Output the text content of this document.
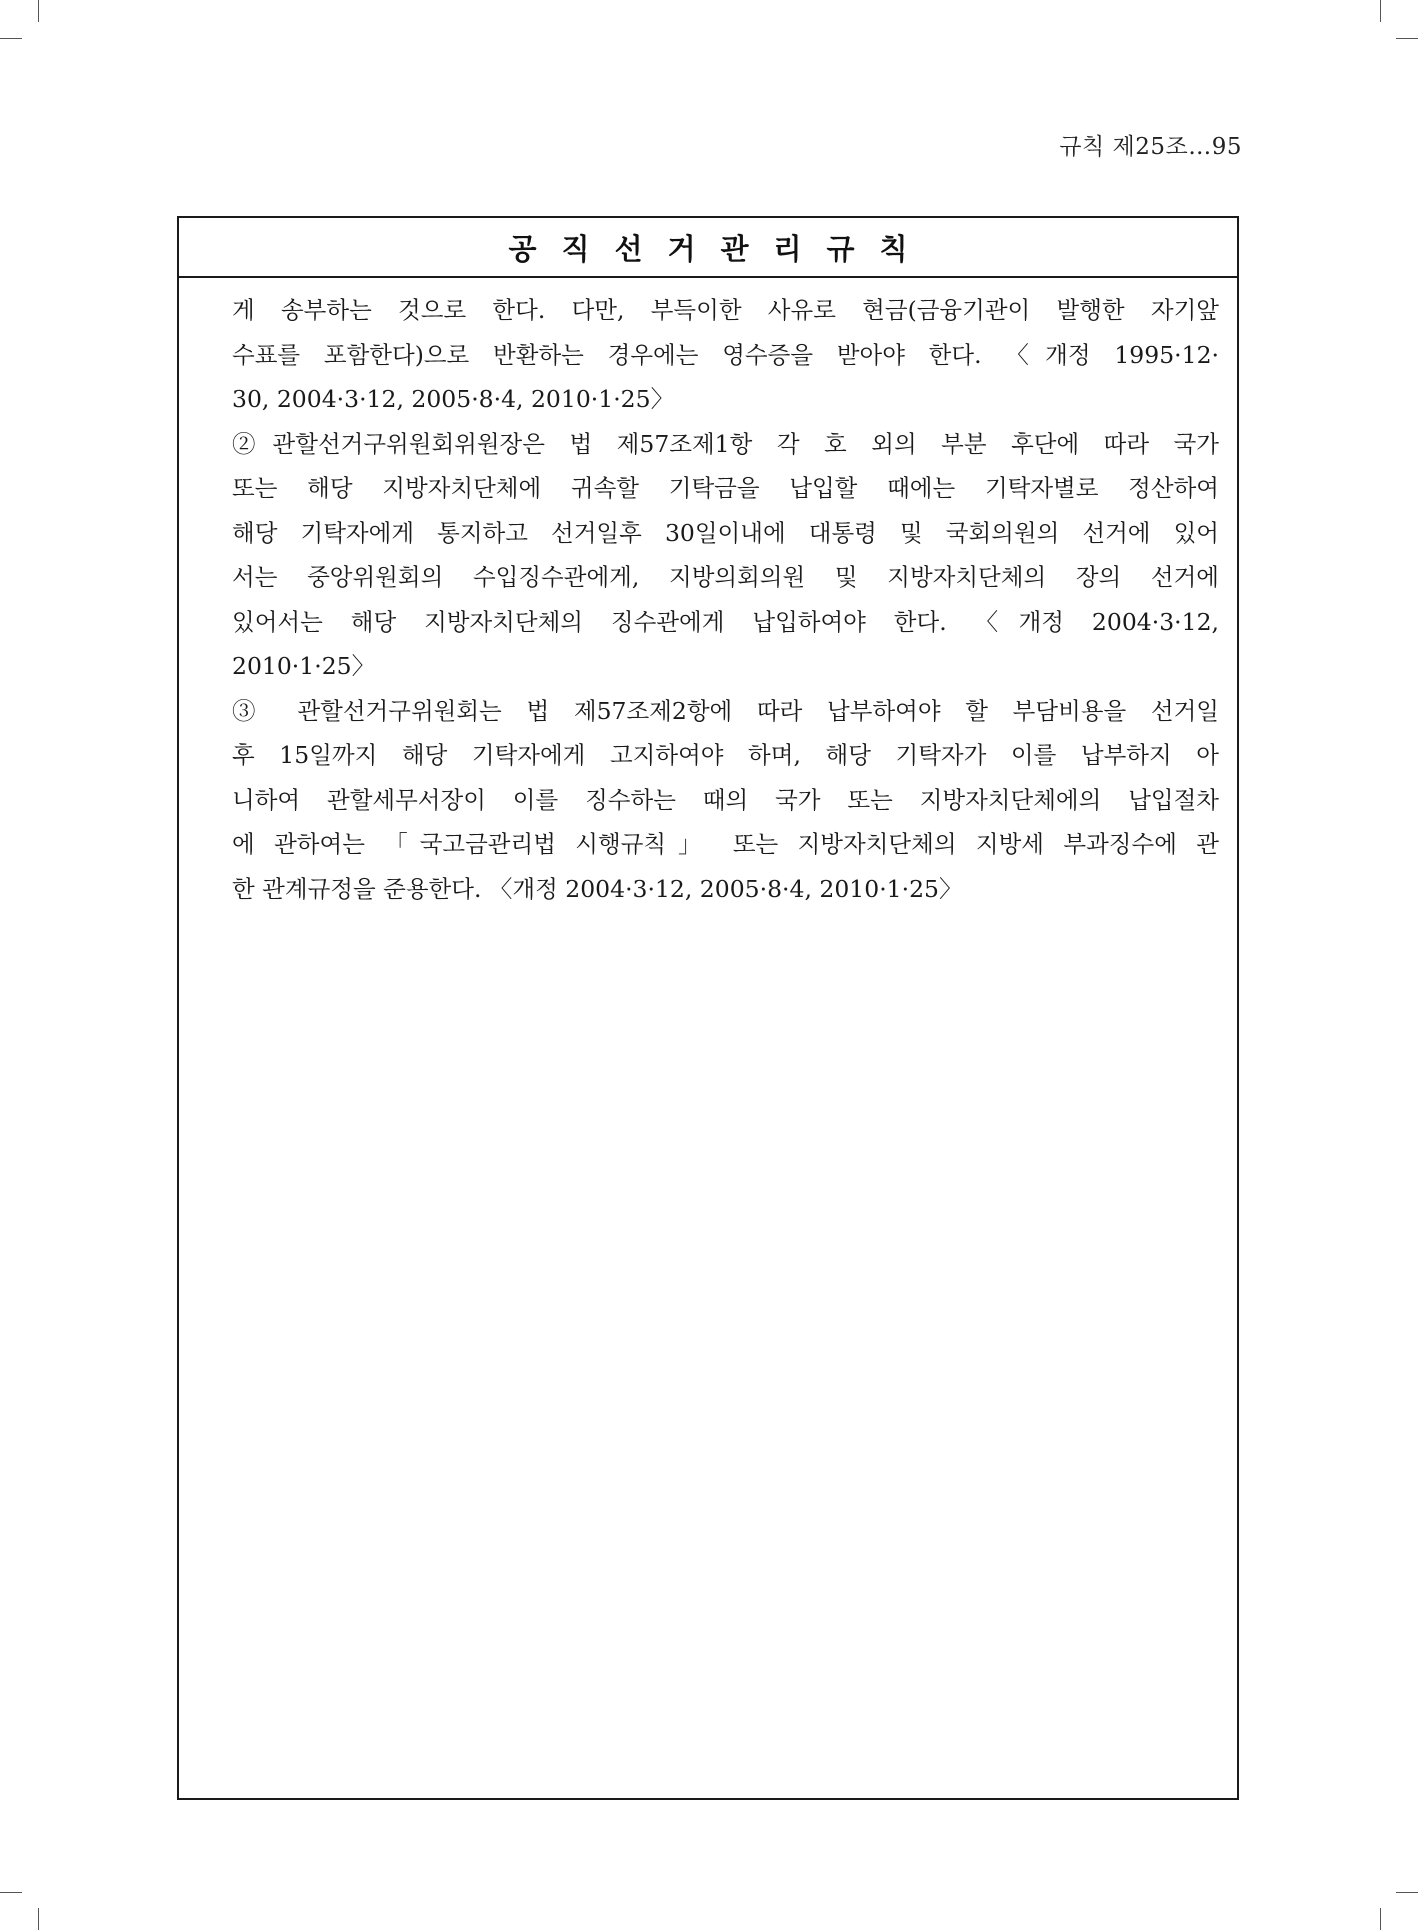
규칙 제25조…95
공직선거관리규칙
게 송부하는 것으로 한다. 다만, 부득이한 사유로 현금(금융기관이 발행한 자기앞
수표를 포함한다)으로 반환하는 경우에는 영수증을 받아야 한다. 〈개정 1995·12·
30, 2004·3·12, 2005·8·4, 2010·1·25〉
②관할선거구위원회위원장은 법 제57조제1항 각 호 외의 부분 후단에 따라 국가
또는 해당 지방자치단체에 귀속할 기탁금을 납입할 때에는 기탁자별로 정산하여
해당 기탁자에게 통지하고 선거일후 30일이내에 대통령 및 국회의원의 선거에 있어
서는 중앙위원회의 수입징수관에게, 지방의회의원 및 지방자치단체의 장의 선거에
있어서는 해당 지방자치단체의 징수관에게 납입하여야 한다. 〈개정 2004·3·12,
2010·1·25〉
③ 관할선거구위원회는 법 제57조제2항에 따라 납부하여야 할 부담비용을 선거일
후 15일까지 해당 기탁자에게 고지하여야 하며, 해당 기탁자가 이를 납부하지 아
니하여 관할세무서장이 이를 징수하는 때의 국가 또는 지방자치단체에의 납입절차
에 관하여는 「국고금관리법 시행규칙」 또는 지방자치단체의 지방세 부과징수에 관
한 관계규정을 준용한다. 〈개정 2004·3·12, 2005·8·4, 2010·1·25〉
